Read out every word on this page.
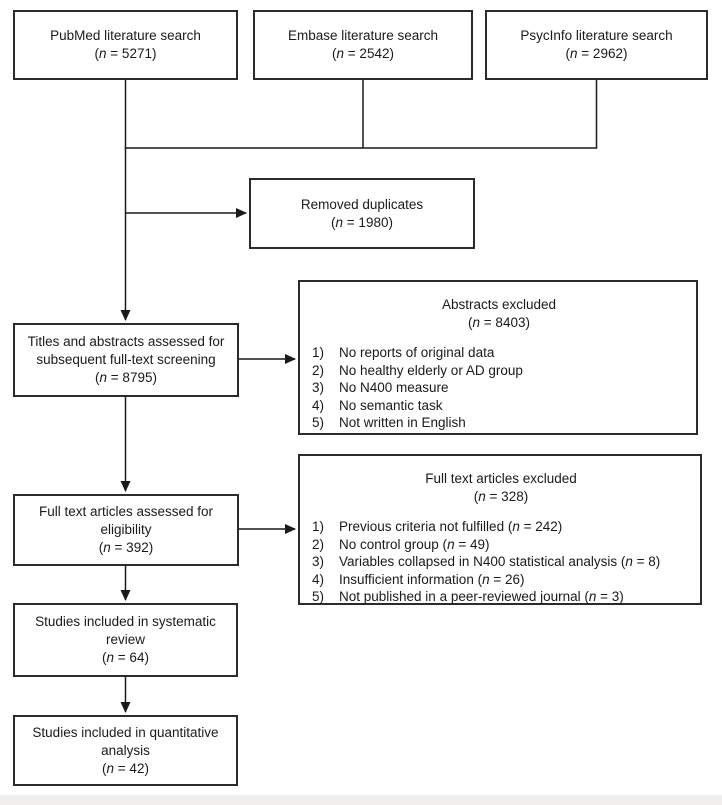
PubMed literature search
(n = 5271)
Embase literature search
(n = 2542)
PsycInfo literature search
(n = 2962)
Removed duplicates
(n = 1980)
Titles and abstracts assessed for
subsequent full-text screening
(n = 8795)
Abstracts excluded
(n = 8403)
1)	No reports of original data
2)	No healthy elderly or AD group
3)	No N400 measure
4)	No semantic task
5)	Not written in English
Full text articles assessed for
eligibility
(n = 392)
Full text articles excluded
(n = 328)
1)	Previous criteria not fulfilled (n = 242)
2)	No control group (n = 49)
3)	Variables collapsed in N400 statistical analysis (n = 8)
4)	Insufficient information (n = 26)
5)	Not published in a peer-reviewed journal (n = 3)
Studies included in systematic
review
(n = 64)
Studies included in quantitative
analysis
(n = 42)
